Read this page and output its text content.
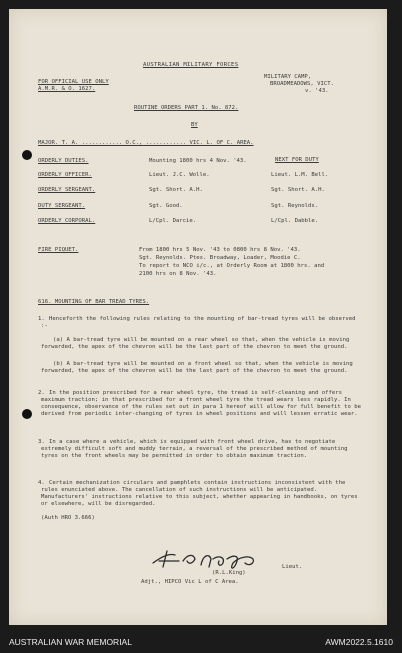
AUSTRALIAN MILITARY FORCES
FOR OFFICIAL USE ONLY
A.M.R. & O. 1627.
MILITARY CAMP,
BROADMEADOWS, VICT.
v. '43.
ROUTINE ORDERS PART 1. No. 872.
BY
MAJOR. T. A. ............ O.C., ............ VIC. L. OF C. AREA.
NEXT FOR DUTY
ORDERLY DUTIES.	Mounting 1800 hrs 4 Nov. '43.
ORDERLY OFFICER.	Lieut. J.C. Wolle.	Lieut. L.M. Bell.
ORDERLY SERGEANT.	Sgt. Short. A.H.	Sgt. Short. A.H.
DUTY SERGEANT.	Sgt. Good.	Sgt. Reynolds.
ORDERLY CORPORAL.	L/Cpl. Darcie.	L/Cpl. Dabble.
FIRE PIQUET.	From 1800 hrs 5 Nov. '43 to 0800 hrs 8 Nov. '43.
Sgt. Reynolds. Ptes. Broadway, Loader, Moodie C.
To report to NCO i/c., at Orderly Room at 1800 hrs. and
2100 hrs on 8 Nov. '43.
616. MOUNTING OF BAR TREAD TYRES.
1. Henceforth the following rules relating to the mounting of bar-tread tyres will be observed :-
(a) A bar-tread tyre will be mounted on a rear wheel so that, when the vehicle is moving forwarded, the apex of the chevron will be the last part of the chevron to meet the ground.
(b) A bar-tread tyre will be mounted on a front wheel so that, when the vehicle is moving forwarded, the apex of the chevron will be the last part of the chevron to meet the ground.
2. In the position prescribed for a rear wheel tyre, the tread is self-cleaning and offers maximum traction; in that prescribed for a front wheel tyre the tread wears less rapidly. In consequence, observance of the rules set out in para 1 hereof will allow for full benefit to be derived from periodic inter-changing of tyres in wheel positions and will lessen erratic wear.
3. In a case where a vehicle, which is equipped with front wheel drive, has to negotiate extremely difficult soft and muddy terrain, a reversal of the prescribed method of mounting tyres on the front wheels may be permitted in order to obtain maximum traction.
4. Certain mechanization circulars and pamphlets contain instructions inconsistent with the rules enunciated above. The cancellation of such instructions will be anticipated. Manufacturers' instructions relative to this subject, whether appearing in handbooks, on tyres or elsewhere, will be disregarded.
(Auth HRO 3.666)
Lieut.
(R.L.King)
Adjt., HIPCO Vic L of C Area.
AUSTRALIAN WAR MEMORIAL	AWM2022.5.1610
